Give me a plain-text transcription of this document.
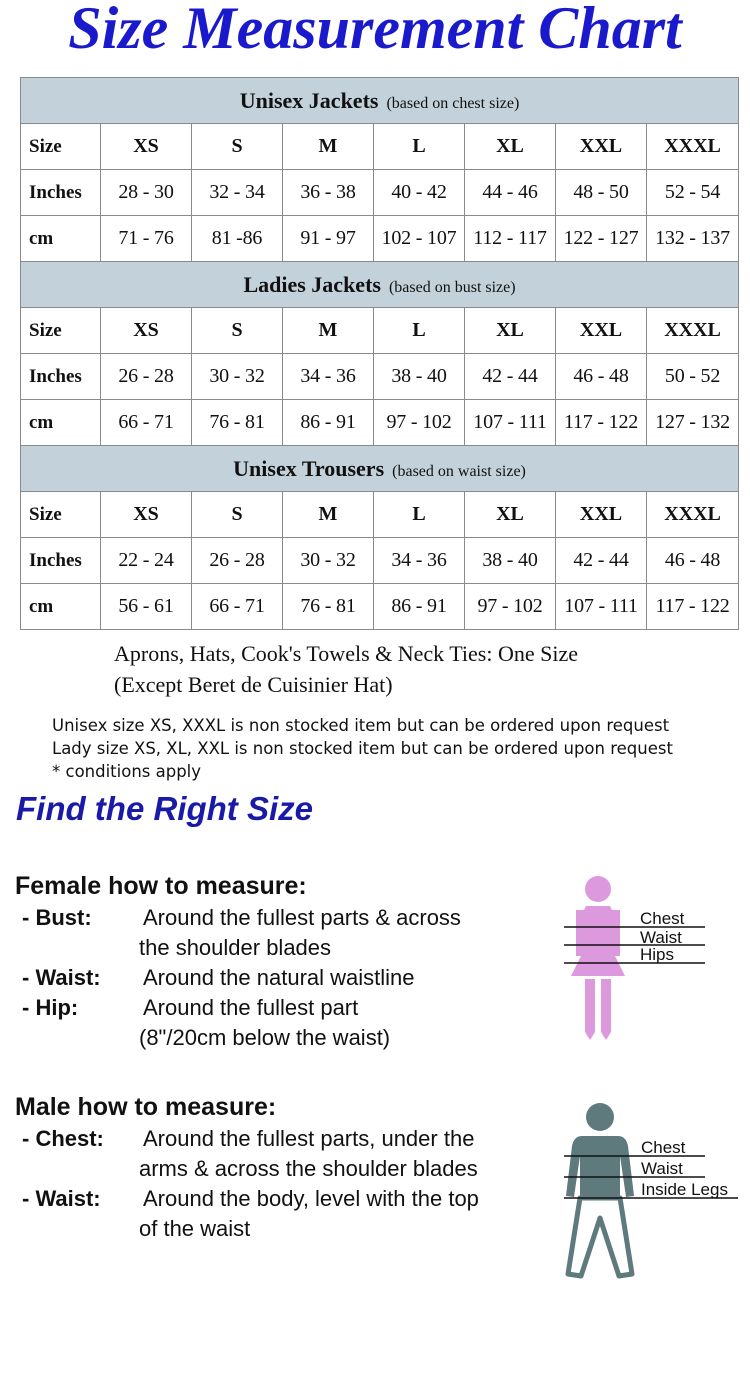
Size Measurement Chart
Unisex Jackets (based on chest size)							
Size	XS	S	M	L	XL	XXL	XXXL
Inches	28 - 30	32 - 34	36 - 38	40 - 42	44 - 46	48 - 50	52 - 54
cm	71 - 76	81 -86	91 - 97	102 - 107	112 - 117	122 - 127	132 - 137
Ladies Jackets (based on bust size)							
Size	XS	S	M	L	XL	XXL	XXXL
Inches	26 - 28	30 - 32	34 - 36	38 - 40	42 - 44	46 - 48	50 - 52
cm	66 - 71	76 - 81	86 - 91	97 - 102	107 - 111	117 - 122	127 - 132
Unisex Trousers (based on waist size)							
Size	XS	S	M	L	XL	XXL	XXXL
Inches	22 - 24	26 - 28	30 - 32	34 - 36	38 - 40	42 - 44	46 - 48
cm	56 - 61	66 - 71	76 - 81	86 - 91	97 - 102	107 - 111	117 - 122
Aprons, Hats, Cook's Towels & Neck Ties: One Size
(Except Beret de Cuisinier Hat)
Unisex size XS, XXXL is non stocked item but can be ordered upon request
Lady size XS, XL, XXL is non stocked item but can be ordered upon request
* conditions apply
Find the Right Size
Female how to measure:
- Bust: Around the fullest parts & across
the shoulder blades
- Waist: Around the natural waistline
- Hip:	Around the fullest part
(8"/20cm below the waist)
Chest
Waist
Hips
Male how to measure:
- Chest: Around the fullest parts, under the
arms & across the shoulder blades
- Waist: Around the body, level with the top
of the waist
Chest
Waist
Inside Legs
